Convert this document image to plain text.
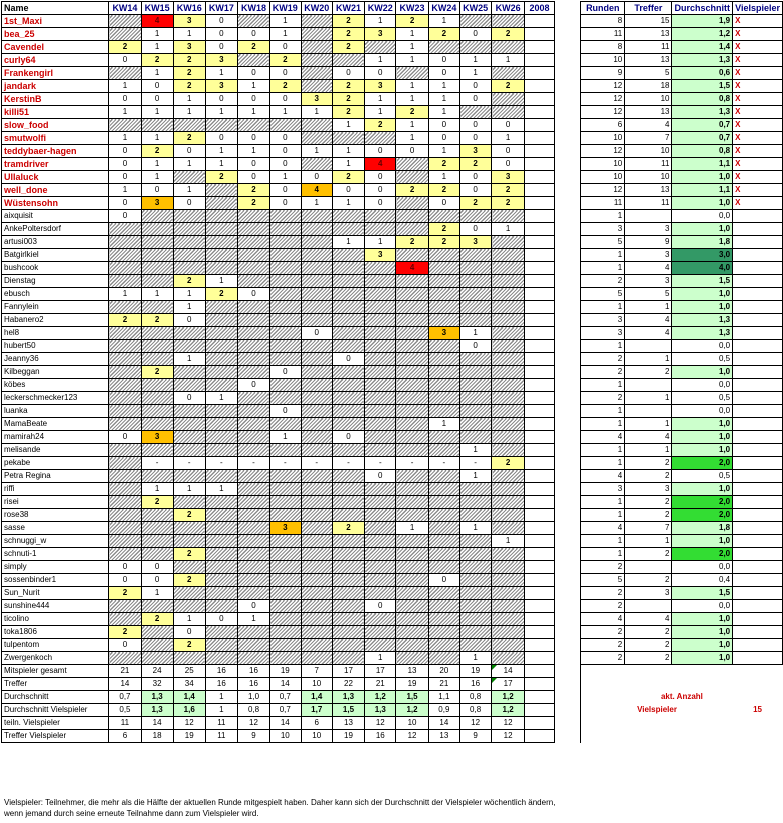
Name	KW14	KW15	KW16	KW17	KW18	KW19	KW20	KW21	KW22	KW23	KW24	KW25	KW26	2008		Runden	Treffer	Durchschnitt	Vielspieler
1st_Maxi		4	3	0		1		2	1	2	1					8	15	1,9	X
bea_25		1	1	0	0	1		2	3	1	2	0	2			11	13	1,2	X
Cavendel	2	1	3	0	2	0		2		1						8	11	1,4	X
curly64	0	2	2	3		2			1	1	0	1	1			10	13	1,3	X
Frankengirl		1	2	1	0	0		0	0		0	1				9	5	0,6	X
jandark	1	0	2	3	1	2		2	3	1	1	0	2			12	18	1,5	X
KerstinB	0	0	1	0	0	0	3	2	1	1	1	0				12	10	0,8	X
killi51	1	1	1	1	1	1	1	2	1	2	1					12	13	1,3	X
slow_food								1	2	1	0	0	0			6	4	0,7	X
smutwolfi	1	1	2	0	0	0				1	0	0	1			10	7	0,7	X
teddybaer-hagen	0	2	0	1	1	0	1	1	0	0	1	3	0			12	10	0,8	X
tramdriver	0	1	1	1	0	0		1	4		2	2	0			10	11	1,1	X
Ullaluck	0	1		2	0	1	0	2	0		1	0	3			10	10	1,0	X
well_done	1	0	1		2	0	4	0	0	2	2	0	2			12	13	1,1	X
Wüstensohn	0	3	0		2	0	1	1	0		0	2	2			11	11	1,0	X
aixquisit	0															1		0,0	
AnkePoltersdorf											2	0	1			3	3	1,0	
artusi003								1	1	2	2	3				5	9	1,8	
Batgirlkiel									3							1	3	3,0	
bushcook										4						1	4	4,0	
Dienstag			2	1												2	3	1,5	
ebusch	1	1	1	2	0											5	5	1,0	
Fannylein			1													1	1	1,0	
Habanero2	2	2	0													3	4	1,3	
hel8							0				3	1				3	4	1,3	
hubert50												0				1		0,0	
Jeanny36			1					0								2	1	0,5	
Kilbeggan		2				0										2	2	1,0	
köbes					0											1		0,0	
leckerschmecker123			0	1												2	1	0,5	
luanka						0										1		0,0	
MamaBeate											1					1	1	1,0	
mamirah24	0	3				1		0								4	4	1,0	
melisande												1				1	1	1,0	
pekabe		-	-	-	-	-	-	-	-	-	-	-	2			1	2	2,0	
Petra Regina									0			1				4	2	0,5	
riffi		1	1	1												3	3	1,0	
risei		2														1	2	2,0	
rose38			2													1	2	2,0	
sasse						3		2		1		1				4	7	1,8	
schnuggi_w													1			1	1	1,0	
schnuti-1			2													1	2	2,0	
simply	0	0														2		0,0	
sossenbinder1	0	0	2								0					5	2	0,4	
Sun_Nurit	2	1														2	3	1,5	
sunshine444					0				0							2		0,0	
ticolino		2	1	0	1											4	4	1,0	
toka1806	2		0													2	2	1,0	
tulpentom	0		2													2	2	1,0	
Zwergenkoch									1			1				2	2	1,0	
Mitspieler gesamt	21	24	25	16	16	19	7	17	17	13	20	19	14						
Treffer	14	32	34	16	16	14	10	22	21	19	21	16	17						
Durchschnitt	0,7	1,3	1,4	1	1,0	0,7	1,4	1,3	1,2	1,5	1,1	0,8	1,2			akt. Anzahl			
Durchschnitt Vielspieler	0,5	1,3	1,6	1	0,8	0,7	1,7	1,5	1,3	1,2	0,9	0,8	1,2			Vielspieler			15
teiln. Vielspieler	11	14	12	11	12	14	6	13	12	10	14	12	12						
Treffer Vielspieler	6	18	19	11	9	10	10	19	16	12	13	9	12						
Vielspieler: Teilnehmer, die mehr als die Hälfte der aktuellen Runde mitgespielt haben. Daher kann sich der Durchschnitt der Vielspieler wöchentlich ändern, wenn jemand durch seine erneute Teilnahme dann zum Vielspieler wird.
